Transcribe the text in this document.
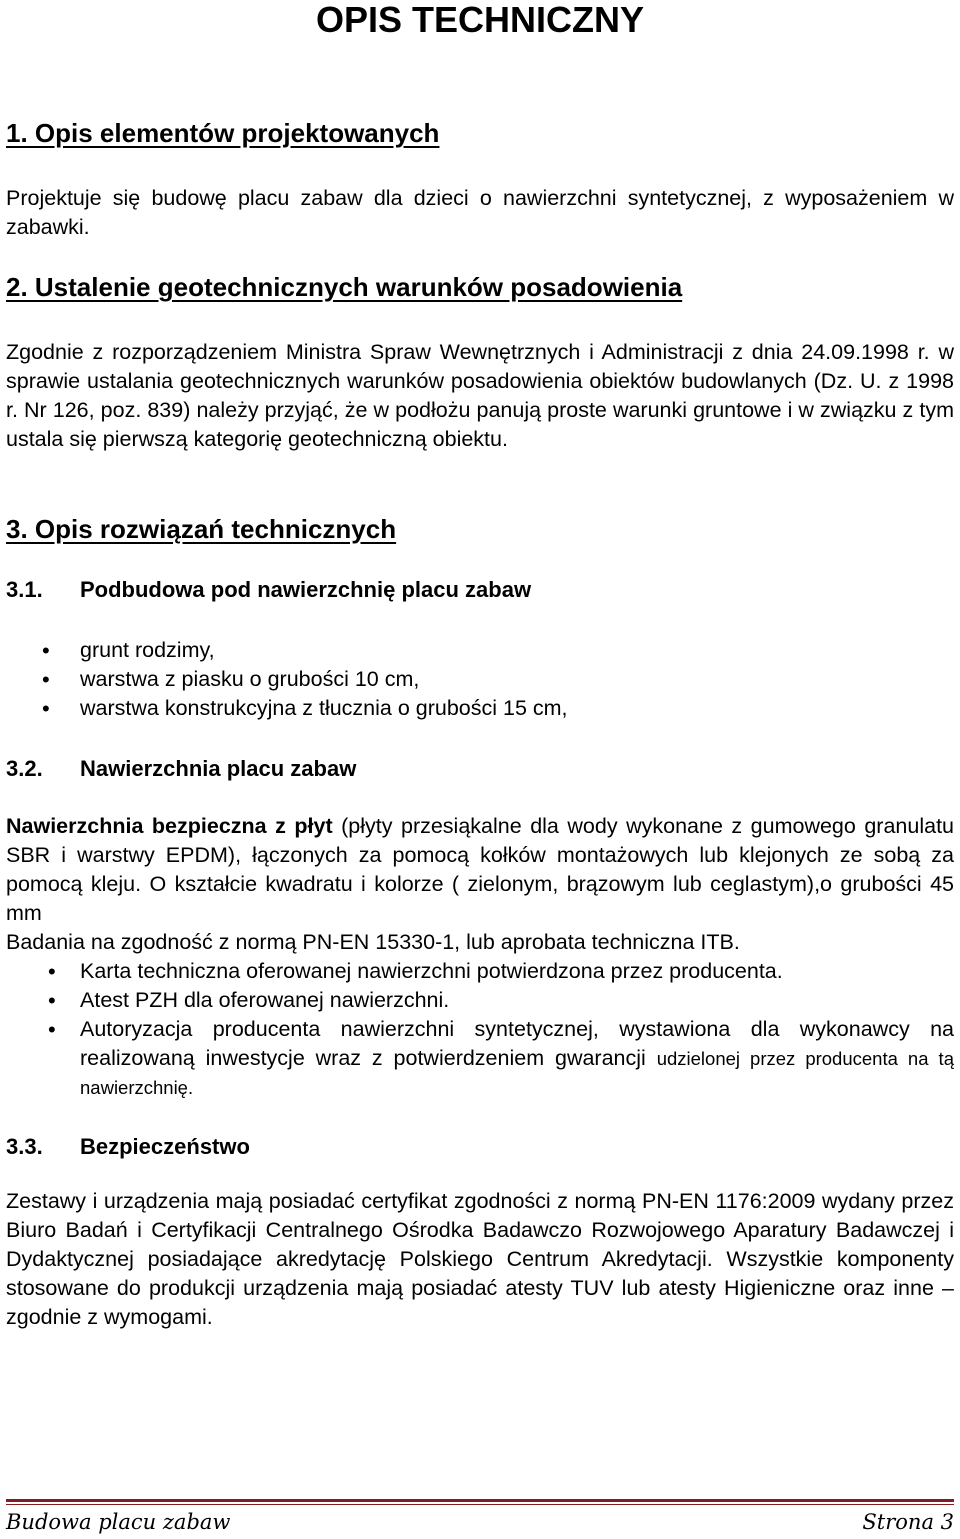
OPIS TECHNICZNY
1. Opis elementów projektowanych
Projektuje się budowę placu zabaw dla dzieci o nawierzchni syntetycznej, z wyposażeniem w zabawki.
2. Ustalenie geotechnicznych warunków posadowienia
Zgodnie z rozporządzeniem Ministra Spraw Wewnętrznych i Administracji z dnia 24.09.1998 r. w sprawie ustalania geotechnicznych warunków posadowienia obiektów budowlanych (Dz. U. z 1998 r. Nr 126, poz. 839) należy przyjąć, że w podłożu panują proste warunki gruntowe i w związku z tym ustala się pierwszą kategorię geotechniczną obiektu.
3. Opis rozwiązań technicznych
3.1. Podbudowa pod nawierzchnię placu zabaw
• grunt rodzimy,
• warstwa z piasku o grubości 10 cm,
• warstwa konstrukcyjna z tłucznia o grubości 15 cm,
3.2. Nawierzchnia placu zabaw

Nawierzchnia bezpieczna z płyt (płyty przesiąkalne dla wody wykonane z gumowego granulatu SBR i warstwy EPDM), łączonych za pomocą kołków montażowych lub klejonych ze sobą za pomocą kleju. O kształcie kwadratu i kolorze ( zielonym, brązowym lub ceglastym),o grubości 45 mm

Badania na zgodność z normą PN-EN 15330-1, lub aprobata techniczna ITB.

• Karta techniczna oferowanej nawierzchni potwierdzona przez producenta.
• Atest PZH dla oferowanej nawierzchni.
• Autoryzacja producenta nawierzchni syntetycznej, wystawiona dla wykonawcy na realizowaną inwestycje wraz z potwierdzeniem gwarancji udzielonej przez producenta na tą nawierzchnię.
3.3. Bezpieczeństwo
Zestawy i urządzenia mają posiadać certyfikat zgodności z normą PN-EN 1176:2009 wydany przez Biuro Badań i Certyfikacji Centralnego Ośrodka Badawczo Rozwojowego Aparatury Badawczej i Dydaktycznej posiadające akredytację Polskiego Centrum Akredytacji. Wszystkie komponenty stosowane do produkcji urządzenia mają posiadać atesty TUV lub atesty Higieniczne oraz inne – zgodnie z wymogami.
Budowa placu zabaw	Strona 3
